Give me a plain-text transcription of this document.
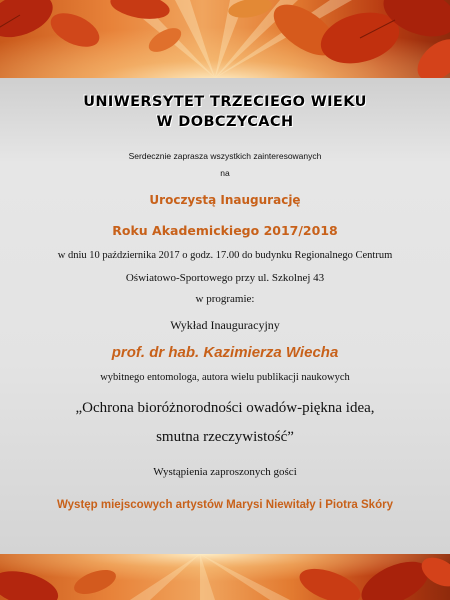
UNIWERSYTET TRZECIEGO WIEKU
W DOBCZYCACH
Serdecznie zaprasza wszystkich zainteresowanych
na
Uroczystą Inaugurację
Roku Akademickiego 2017/2018
w dniu 10 października 2017 o godz. 17.00 do budynku Regionalnego Centrum
Oświatowo-Sportowego przy ul. Szkolnej 43
w programie:
Wykład Inauguracyjny
prof. dr hab. Kazimierza Wiecha
wybitnego entomologa, autora wielu publikacji naukowych
„Ochrona bioróżnorodności owadów-piękna idea,
smutna rzeczywistość”
Wystąpienia zaproszonych gości
Występ miejscowych artystów Marysi Niewitały i Piotra Skóry
